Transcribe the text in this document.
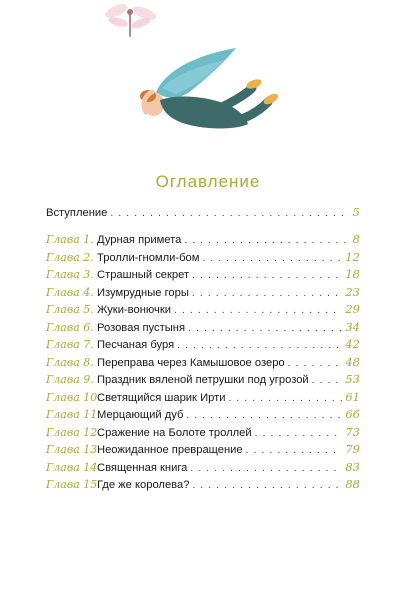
Оглавление
Вступление . . .	5
Глава 1. Дурная примета . . .	8
Глава 2. Тролли-гномли-бом . . .	12
Глава 3. Страшный секрет . . .	18
Глава 4. Изумрудные горы . . .	23
Глава 5. Жуки-вонючки . . .	29
Глава 6. Розовая пустыня . . .	34
Глава 7. Песчаная буря . . .	42
Глава 8. Переправа через Камышовое озеро . . .	48
Глава 9. Праздник вяленой петрушки под угрозой . . .	53
Глава 10.
Светящийся шарик Ирти . . .	61
Глава 11.
Мерцающий дуб . . .	66
Глава 12.
Сражение на Болоте троллей . . .	73
Глава 13.
Неожиданное превращение . . .	79
Глава 14.
Священная книга . . .	83
Глава 15.
Где же королева? . . .	88
